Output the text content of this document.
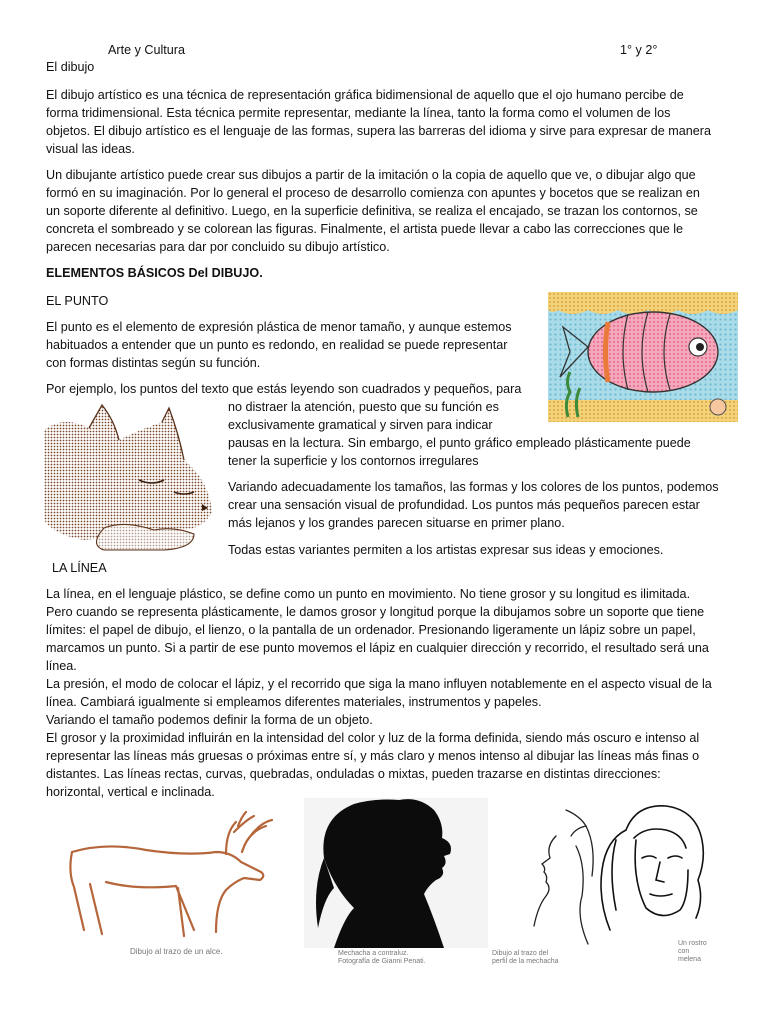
Arte y Cultura	1° y 2°
El dibujo
El dibujo artístico es una técnica de representación gráfica bidimensional de aquello que el ojo humano percibe de
forma tridimensional. Esta técnica permite representar, mediante la línea, tanto la forma como el volumen de los
objetos. El dibujo artístico es el lenguaje de las formas, supera las barreras del idioma y sirve para expresar de manera
visual las ideas.
Un dibujante artístico puede crear sus dibujos a partir de la imitación o la copia de aquello que ve, o dibujar algo que
formó en su imaginación. Por lo general el proceso de desarrollo comienza con apuntes y bocetos que se realizan en
un soporte diferente al definitivo. Luego, en la superficie definitiva, se realiza el encajado, se trazan los contornos, se
concreta el sombreado y se colorean las figuras. Finalmente, el artista puede llevar a cabo las correcciones que le
parecen necesarias para dar por concluido su dibujo artístico.
ELEMENTOS BÁSICOS Del DIBUJO.
EL PUNTO
El punto es el elemento de expresión plástica de menor tamaño, y aunque estemos
habituados a entender que un punto es redondo, en realidad se puede representar
con formas distintas según su función.
Por ejemplo, los puntos del texto que estás leyendo son cuadrados y pequeños, para
no distraer la atención, puesto que su función es
exclusivamente gramatical y sirven para indicar
pausas en la lectura. Sin embargo, el punto gráfico empleado plásticamente puede
tener la superficie y los contornos irregulares
Variando adecuadamente los tamaños, las formas y los colores de los puntos, podemos
crear una sensación visual de profundidad. Los puntos más pequeños parecen estar
más lejanos y los grandes parecen situarse en primer plano.
Todas estas variantes permiten a los artistas expresar sus ideas y emociones.
LA LÍNEA
La línea, en el lenguaje plástico, se define como un punto en movimiento. No tiene grosor y su longitud es ilimitada.
Pero cuando se representa plásticamente, le damos grosor y longitud porque la dibujamos sobre un soporte que tiene
límites: el papel de dibujo, el lienzo, o la pantalla de un ordenador. Presionando ligeramente un lápiz sobre un papel,
marcamos un punto. Si a partir de ese punto movemos el lápiz en cualquier dirección y recorrido, el resultado será una
línea.
La presión, el modo de colocar el lápiz, y el recorrido que siga la mano influyen notablemente en el aspecto visual de la
línea. Cambiará igualmente si empleamos diferentes materiales, instrumentos y papeles.
Variando el tamaño podemos definir la forma de un objeto.
El grosor y la proximidad influirán en la intensidad del color y luz de la forma definida, siendo más oscuro e intenso al
representar las líneas más gruesas o próximas entre sí, y más claro y menos intenso al dibujar las líneas más finas o
distantes. Las líneas rectas, curvas, quebradas, onduladas o mixtas, pueden trazarse en distintas direcciones:
horizontal, vertical e inclinada.
Dibujo al trazo de un alce.	Mechacha a contraluz.
Fotografía de Gianni Penati.
Dibujo al trazo del
perfil de la mechacha
Un rostro
con melena
